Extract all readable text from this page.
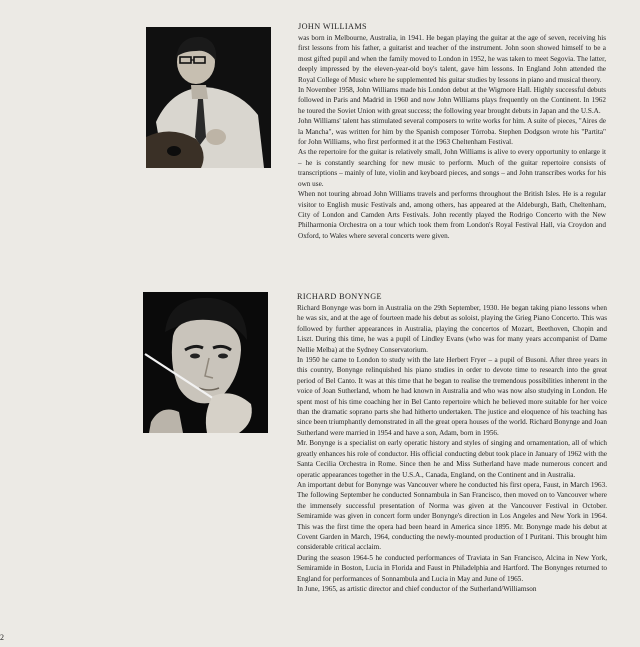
JOHN WILLIAMS

was born in Melbourne, Australia, in 1941. He began playing the guitar at the age of seven, receiving his first lessons from his father, a guitarist and teacher of the instrument. John soon showed himself to be a most gifted pupil and when the family moved to London in 1952, he was taken to meet Segovia. The latter, deeply impressed by the eleven-year-old boy's talent, gave him lessons. In England John attended the Royal College of Music where he supplemented his guitar studies by lessons in piano and musical theory.

In November 1958, John Williams made his London debut at the Wigmore Hall. Highly successful debuts followed in Paris and Madrid in 1960 and now John Williams plays frequently on the Continent. In 1962 he toured the Soviet Union with great success; the following year brought debuts in Japan and the U.S.A.

John Williams' talent has stimulated several composers to write works for him. A suite of pieces, "Aires de la Mancha", was written for him by the Spanish composer Tórroba. Stephen Dodgson wrote his "Partita" for John Williams, who first performed it at the 1963 Cheltenham Festival.

As the repertoire for the guitar is relatively small, John Williams is alive to every opportunity to enlarge it – he is constantly searching for new music to perform. Much of the guitar repertoire consists of transcriptions – mainly of lute, violin and keyboard pieces, and songs – and John transcribes works for his own use.

When not touring abroad John Williams travels and performs throughout the British Isles. He is a regular visitor to English music Festivals and, among others, has appeared at the Aldeburgh, Bath, Cheltenham, City of London and Camden Arts Festivals. John recently played the Rodrigo Concerto with the New Philharmonia Orchestra on a tour which took them from London's Royal Festival Hall, via Croydon and Oxford, to Wales where several concerts were given.

RICHARD BONYNGE

Richard Bonynge was born in Australia on the 29th September, 1930. He began taking piano lessons when he was six, and at the age of fourteen made his debut as soloist, playing the Grieg Piano Concerto. This was followed by further appearances in Australia, playing the concertos of Mozart, Beethoven, Chopin and Liszt. During this time, he was a pupil of Lindley Evans (who was for many years accompanist of Dame Nellie Melba) at the Sydney Conservatorium.

In 1950 he came to London to study with the late Herbert Fryer – a pupil of Busoni. After three years in this country, Bonynge relinquished his piano studies in order to devote time to research into the great period of Bel Canto. It was at this time that he began to realise the tremendous possibilities inherent in the voice of Joan Sutherland, whom he had known in Australia and who was now also studying in London. He spent most of his time coaching her in Bel Canto repertoire which he believed more suitable for her voice than the dramatic soprano parts she had hitherto undertaken. The justice and eloquence of his teaching has since been triumphantly demonstrated in all the great opera houses of the world. Richard Bonynge and Joan Sutherland were married in 1954 and have a son, Adam, born in 1956.

Mr. Bonynge is a specialist on early operatic history and styles of singing and ornamentation, all of which greatly enhances his role of conductor. His official conducting debut took place in January of 1962 with the Santa Cecilia Orchestra in Rome. Since then he and Miss Sutherland have made numerous concert and operatic appearances together in the U.S.A., Canada, England, on the Continent and in Australia.

An important debut for Bonynge was Vancouver where he conducted his first opera, Faust, in March 1963. The following September he conducted Sonnambula in San Francisco, then moved on to Vancouver where the immensely successful presentation of Norma was given at the Vancouver Festival in October. Semiramide was given in concert form under Bonynge's direction in Los Angeles and New York in 1964. This was the first time the opera had been heard in America since 1895. Mr. Bonynge made his debut at Covent Garden in March, 1964, conducting the newly-mounted production of I Puritani. This brought him considerable critical acclaim.

During the season 1964-5 he conducted performances of Traviata in San Francisco, Alcina in New York, Semiramide in Boston, Lucia in Florida and Faust in Philadelphia and Hartford. The Bonynges returned to England for performances of Sonnambula and Lucia in May and June of 1965.

In June, 1965, as artistic director and chief conductor of the Sutherland/Williamson

2
